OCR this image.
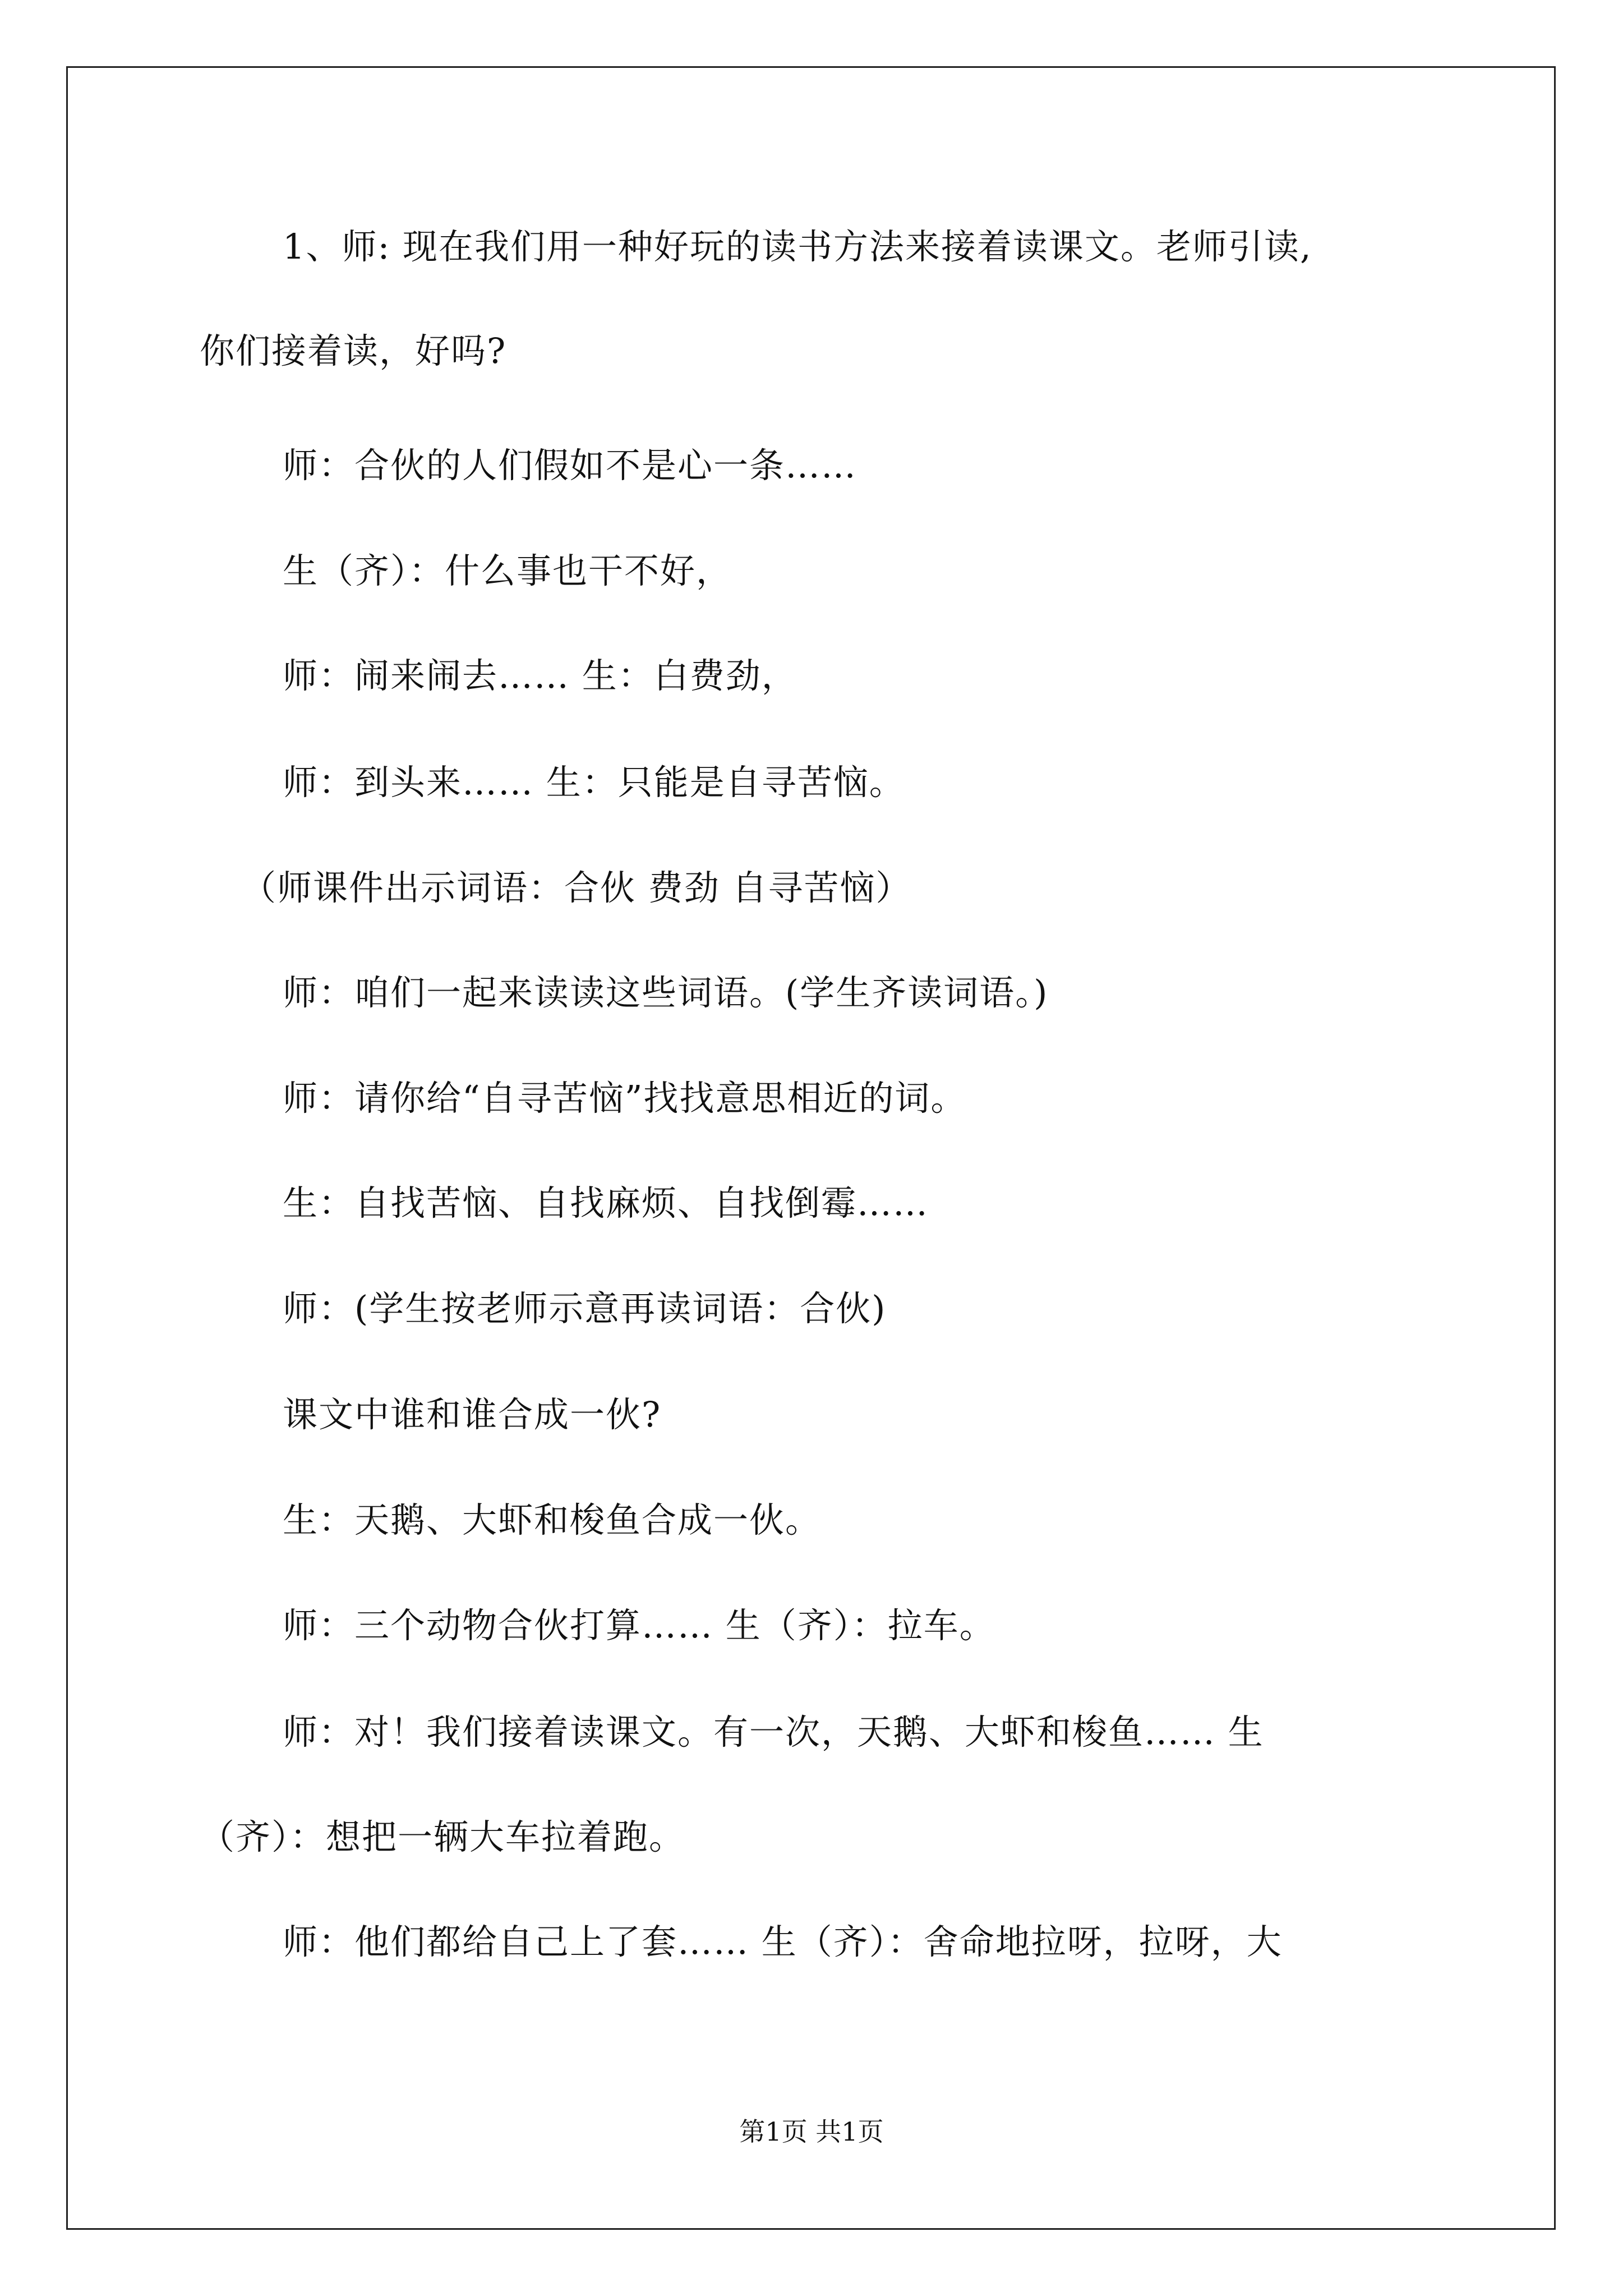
1、师: 现在我们用一种好玩的读书方法来接着读课文。老师引读,
你们接着读，好吗?
师：合伙的人们假如不是心一条……
生（齐）：什么事也干不好，
师：闹来闹去…… 生：白费劲，
师：到头来…… 生：只能是自寻苦恼。
（师课件出示词语：合伙 费劲 自寻苦恼）
师：咱们一起来读读这些词语。(学生齐读词语。)
师：请你给“自寻苦恼”找找意思相近的词。
生：自找苦恼、自找麻烦、自找倒霉……
师：(学生按老师示意再读词语：合伙)
课文中谁和谁合成一伙?
生：天鹅、大虾和梭鱼合成一伙。
师：三个动物合伙打算…… 生（齐）：拉车。
师：对！我们接着读课文。有一次，天鹅、大虾和梭鱼…… 生
（齐）：想把一辆大车拉着跑。
师：他们都给自己上了套…… 生（齐）：舍命地拉呀，拉呀，大
第1页 共1页
